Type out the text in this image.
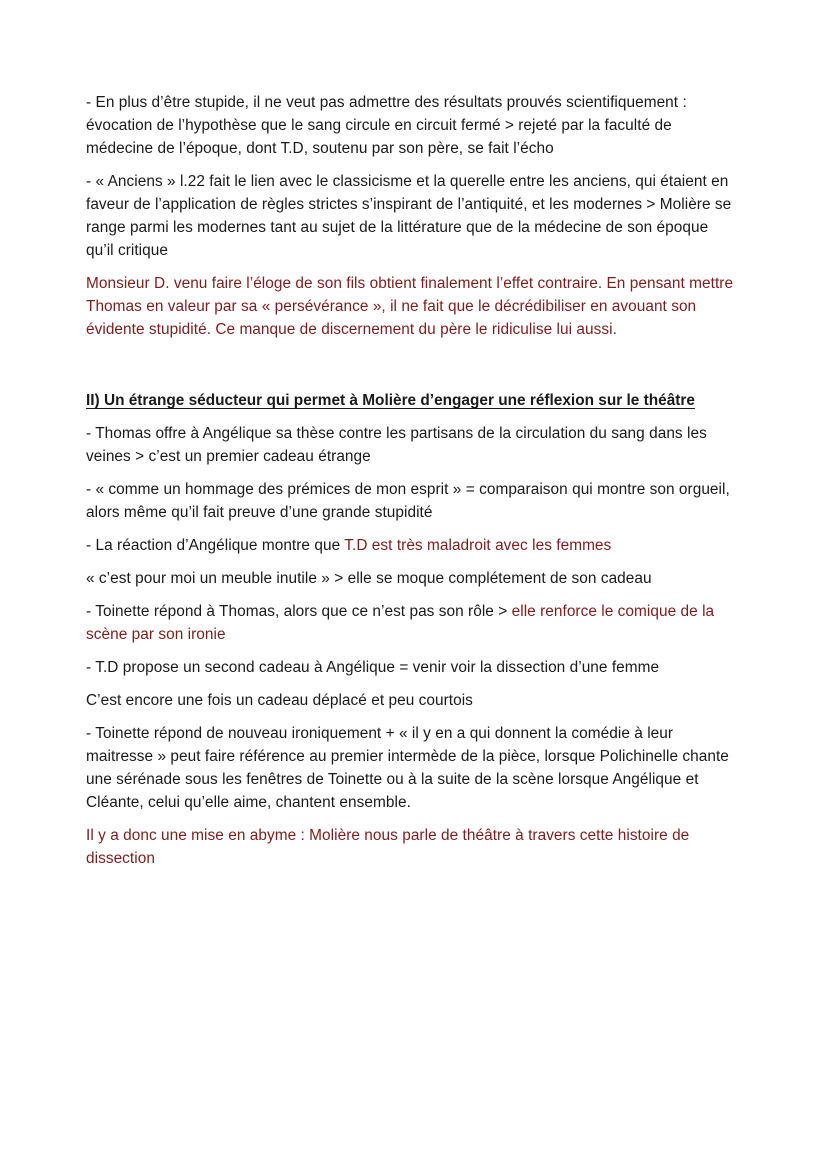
- En plus d’être stupide, il ne veut pas admettre des résultats prouvés scientifiquement : évocation de l’hypothèse que le sang circule en circuit fermé > rejeté par la faculté de médecine de l’époque, dont T.D, soutenu par son père, se fait l’écho

- « Anciens » l.22 fait le lien avec le classicisme et la querelle entre les anciens, qui étaient en faveur de l’application de règles strictes s’inspirant de l’antiquité, et les modernes > Molière se range parmi les modernes tant au sujet de la littérature que de la médecine de son époque qu’il critique

Monsieur D. venu faire l’éloge de son fils obtient finalement l’effet contraire. En pensant mettre Thomas en valeur par sa « persévérance », il ne fait que le décrédibiliser en avouant son évidente stupidité. Ce manque de discernement du père le ridiculise lui aussi.

II) Un étrange séducteur qui permet à Molière d’engager une réflexion sur le théâtre

- Thomas offre à Angélique sa thèse contre les partisans de la circulation du sang dans les veines > c’est un premier cadeau étrange

- « comme un hommage des prémices de mon esprit » = comparaison qui montre son orgueil, alors même qu’il fait preuve d’une grande stupidité

- La réaction d’Angélique montre que T.D est très maladroit avec les femmes

« c’est pour moi un meuble inutile » > elle se moque complétement de son cadeau

- Toinette répond à Thomas, alors que ce n’est pas son rôle > elle renforce le comique de la scène par son ironie

- T.D propose un second cadeau à Angélique = venir voir la dissection d’une femme

C’est encore une fois un cadeau déplacé et peu courtois

- Toinette répond de nouveau ironiquement + « il y en a qui donnent la comédie à leur maitresse » peut faire référence au premier intermède de la pièce, lorsque Polichinelle chante une sérénade sous les fenêtres de Toinette ou à la suite de la scène lorsque Angélique et Cléante, celui qu’elle aime, chantent ensemble.

Il y a donc une mise en abyme : Molière nous parle de théâtre à travers cette histoire de dissection
